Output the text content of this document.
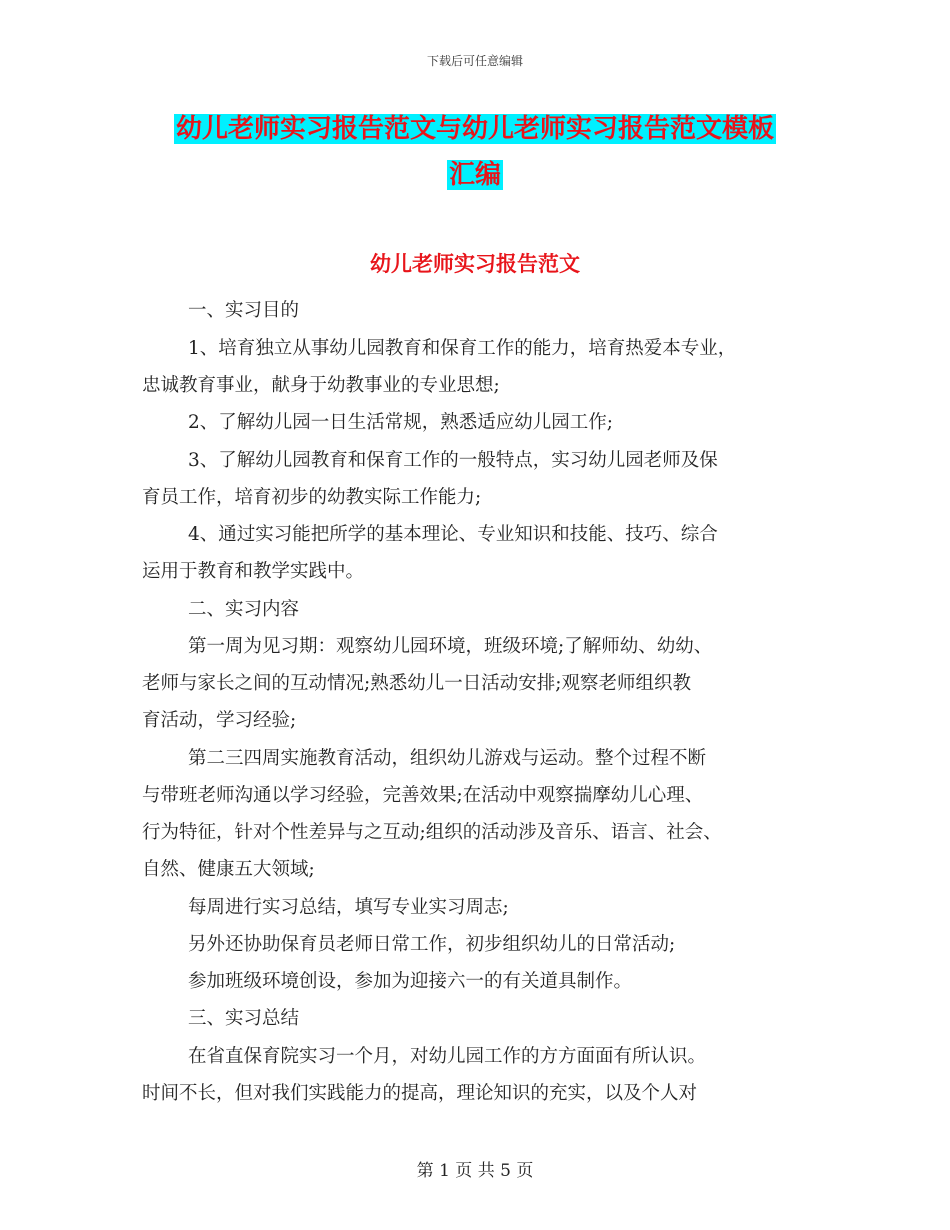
下载后可任意编辑
幼儿老师实习报告范文与幼儿老师实习报告范文模板
汇编
幼儿老师实习报告范文
一、实习目的
1、培育独立从事幼儿园教育和保育工作的能力，培育热爱本专业，
忠诚教育事业，献身于幼教事业的专业思想;
2、了解幼儿园一日生活常规，熟悉适应幼儿园工作;
3、了解幼儿园教育和保育工作的一般特点，实习幼儿园老师及保
育员工作，培育初步的幼教实际工作能力;
4、通过实习能把所学的基本理论、专业知识和技能、技巧、综合
运用于教育和教学实践中。
二、实习内容
第一周为见习期：观察幼儿园环境，班级环境;了解师幼、幼幼、
老师与家长之间的互动情况;熟悉幼儿一日活动安排;观察老师组织教
育活动，学习经验;
第二三四周实施教育活动，组织幼儿游戏与运动。整个过程不断
与带班老师沟通以学习经验，完善效果;在活动中观察揣摩幼儿心理、
行为特征，针对个性差异与之互动;组织的活动涉及音乐、语言、社会、
自然、健康五大领域;
每周进行实习总结，填写专业实习周志;
另外还协助保育员老师日常工作，初步组织幼儿的日常活动;
参加班级环境创设，参加为迎接六一的有关道具制作。
三、实习总结
在省直保育院实习一个月，对幼儿园工作的方方面面有所认识。
时间不长，但对我们实践能力的提高，理论知识的充实，以及个人对
第 1 页 共 5 页
